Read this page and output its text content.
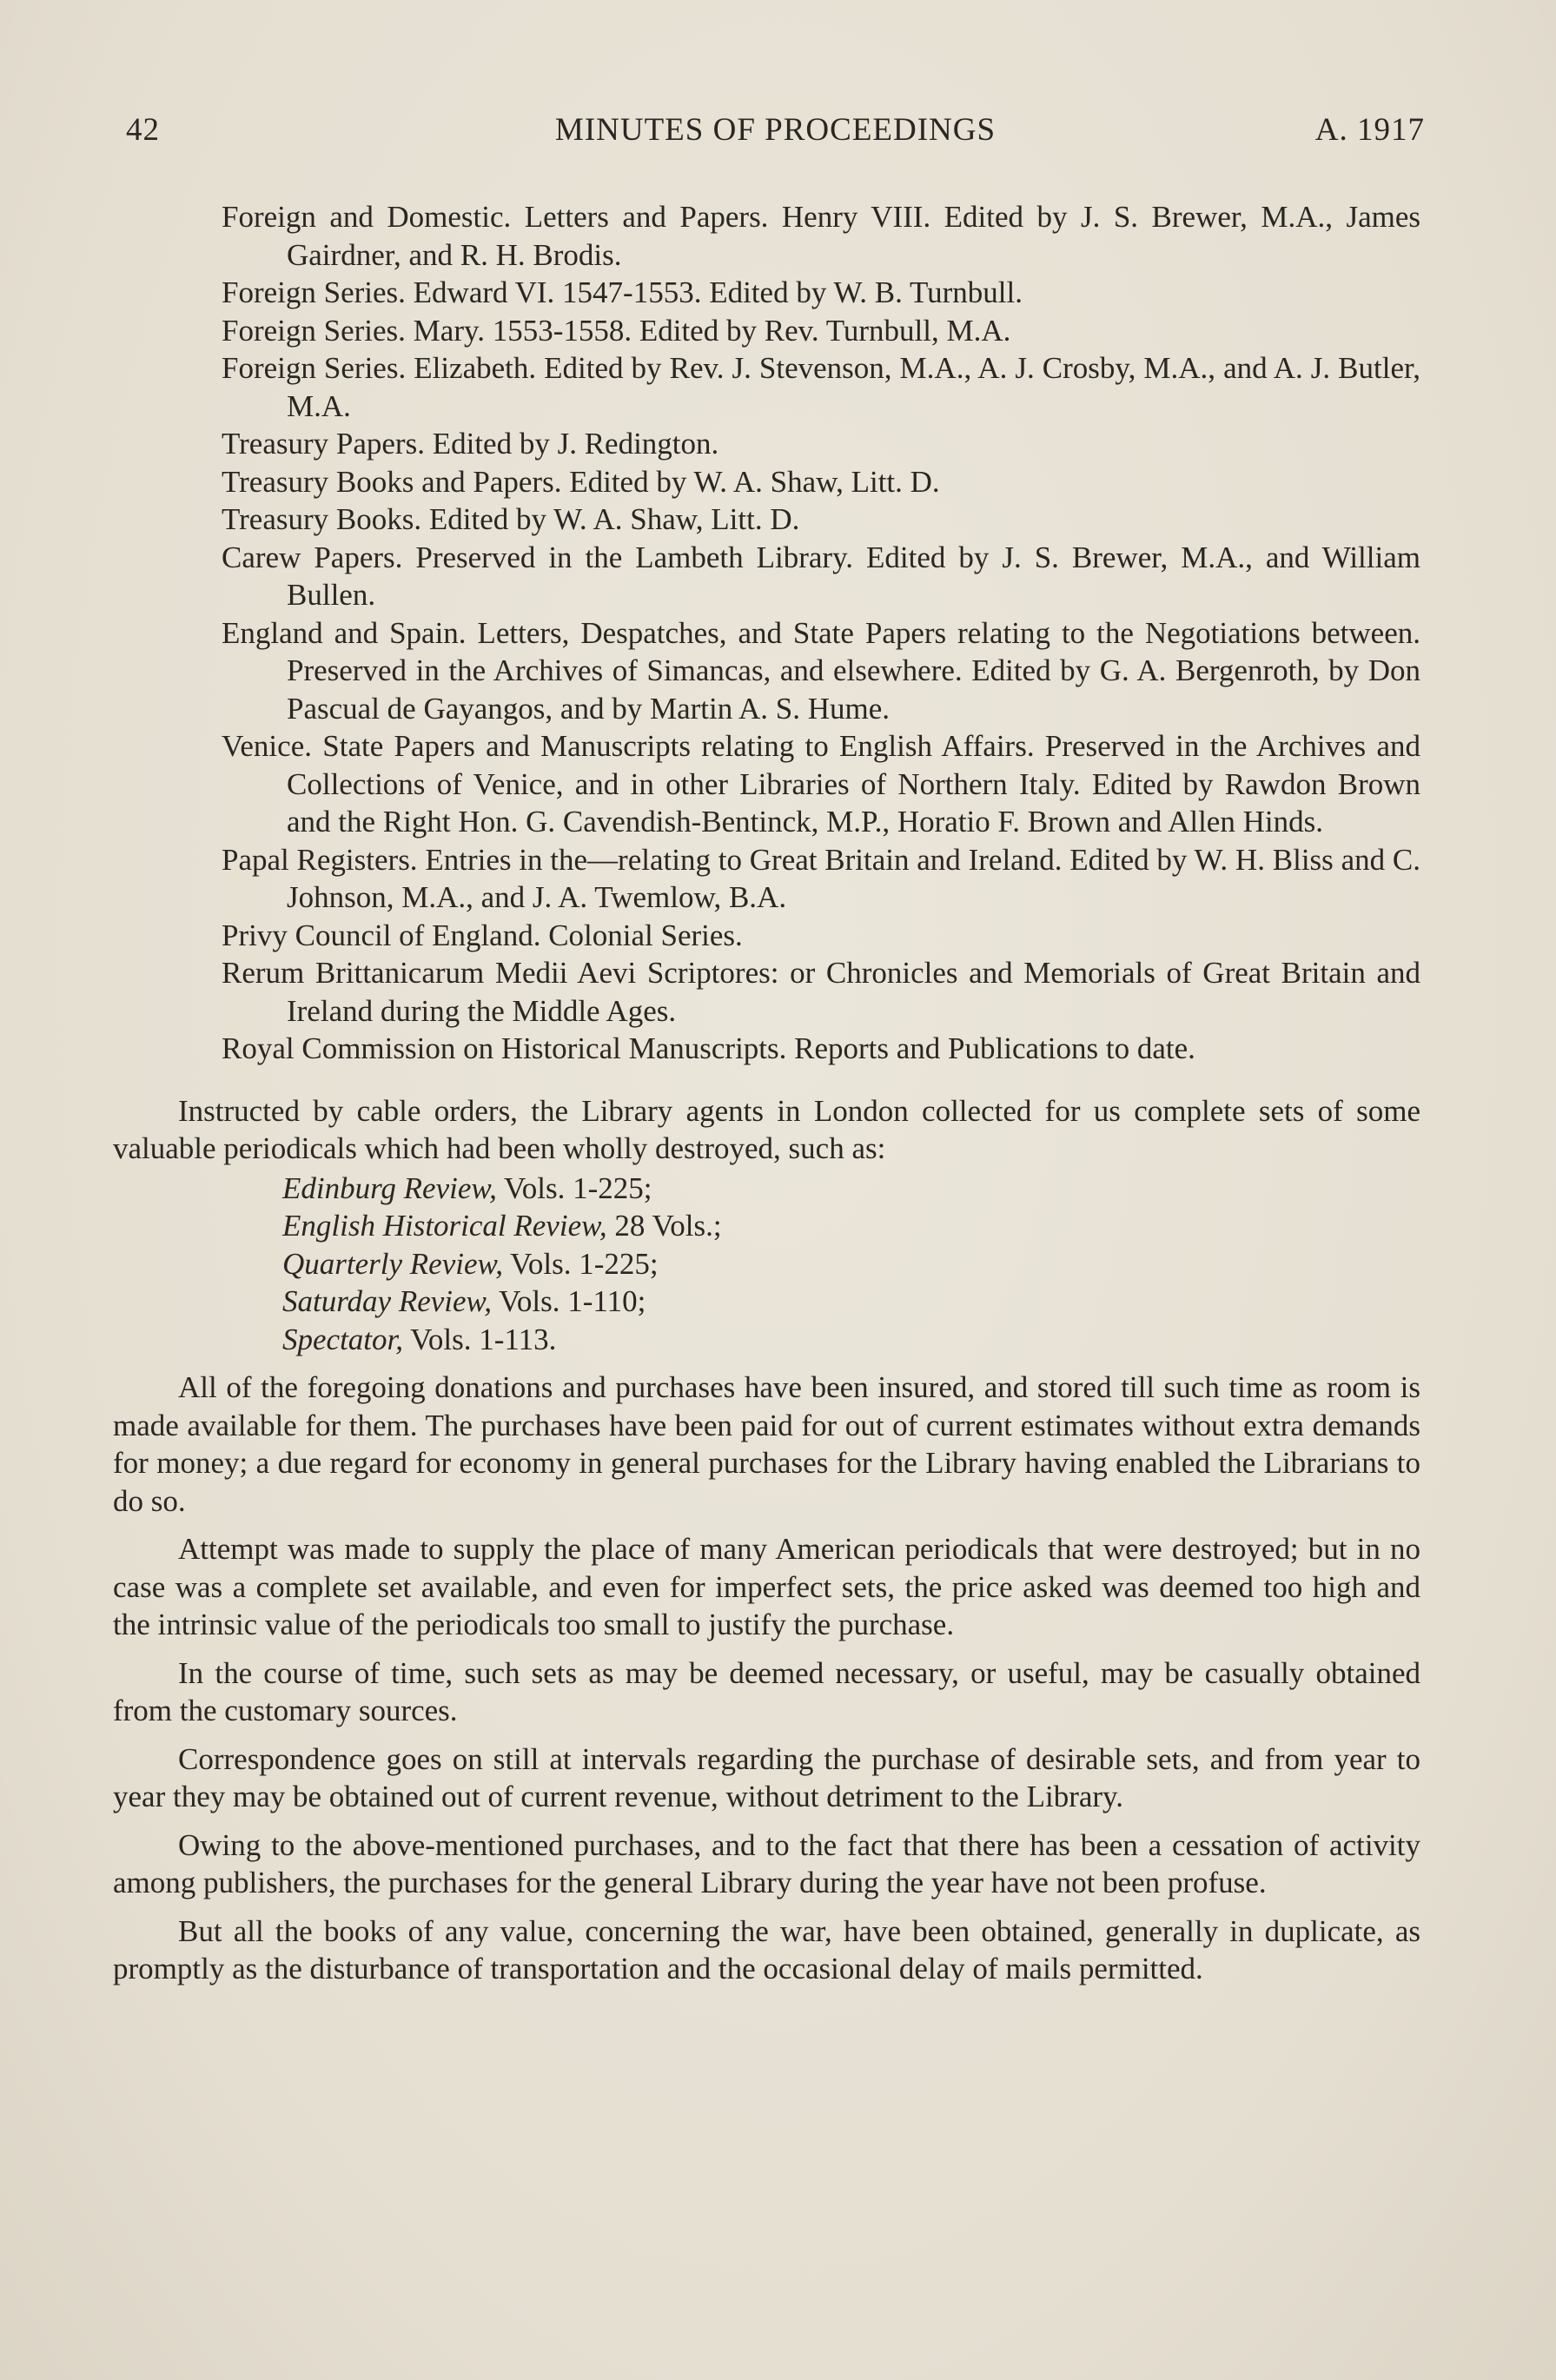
42	MINUTES OF PROCEEDINGS	A. 1917
Foreign and Domestic. Letters and Papers. Henry VIII. Edited by J. S. Brewer, M.A., James Gairdner, and R. H. Brodis.
Foreign Series. Edward VI. 1547-1553. Edited by W. B. Turnbull.
Foreign Series. Mary. 1553-1558. Edited by Rev. Turnbull, M.A.
Foreign Series. Elizabeth. Edited by Rev. J. Stevenson, M.A., A. J. Crosby, M.A., and A. J. Butler, M.A.
Treasury Papers. Edited by J. Redington.
Treasury Books and Papers. Edited by W. A. Shaw, Litt. D.
Treasury Books. Edited by W. A. Shaw, Litt. D.
Carew Papers. Preserved in the Lambeth Library. Edited by J. S. Brewer, M.A., and William Bullen.
England and Spain. Letters, Despatches, and State Papers relating to the Negotiations between. Preserved in the Archives of Simancas, and elsewhere. Edited by G. A. Bergenroth, by Don Pascual de Gayangos, and by Martin A. S. Hume.
Venice. State Papers and Manuscripts relating to English Affairs. Preserved in the Archives and Collections of Venice, and in other Libraries of Northern Italy. Edited by Rawdon Brown and the Right Hon. G. Cavendish-Bentinck, M.P., Horatio F. Brown and Allen Hinds.
Papal Registers. Entries in the—relating to Great Britain and Ireland. Edited by W. H. Bliss and C. Johnson, M.A., and J. A. Twemlow, B.A.
Privy Council of England. Colonial Series.
Rerum Brittanicarum Medii Aevi Scriptores: or Chronicles and Memorials of Great Britain and Ireland during the Middle Ages.
Royal Commission on Historical Manuscripts. Reports and Publications to date.

Instructed by cable orders, the Library agents in London collected for us complete sets of some valuable periodicals which had been wholly destroyed, such as:

Edinburg Review, Vols. 1-225;
English Historical Review, 28 Vols.;
Quarterly Review, Vols. 1-225;
Saturday Review, Vols. 1-110;
Spectator, Vols. 1-113.

All of the foregoing donations and purchases have been insured, and stored till such time as room is made available for them. The purchases have been paid for out of current estimates without extra demands for money; a due regard for economy in general purchases for the Library having enabled the Librarians to do so.

Attempt was made to supply the place of many American periodicals that were destroyed; but in no case was a complete set available, and even for imperfect sets, the price asked was deemed too high and the intrinsic value of the periodicals too small to justify the purchase.

In the course of time, such sets as may be deemed necessary, or useful, may be casually obtained from the customary sources.

Correspondence goes on still at intervals regarding the purchase of desirable sets, and from year to year they may be obtained out of current revenue, without detriment to the Library.

Owing to the above-mentioned purchases, and to the fact that there has been a cessation of activity among publishers, the purchases for the general Library during the year have not been profuse.

But all the books of any value, concerning the war, have been obtained, generally in duplicate, as promptly as the disturbance of transportation and the occasional delay of mails permitted.
